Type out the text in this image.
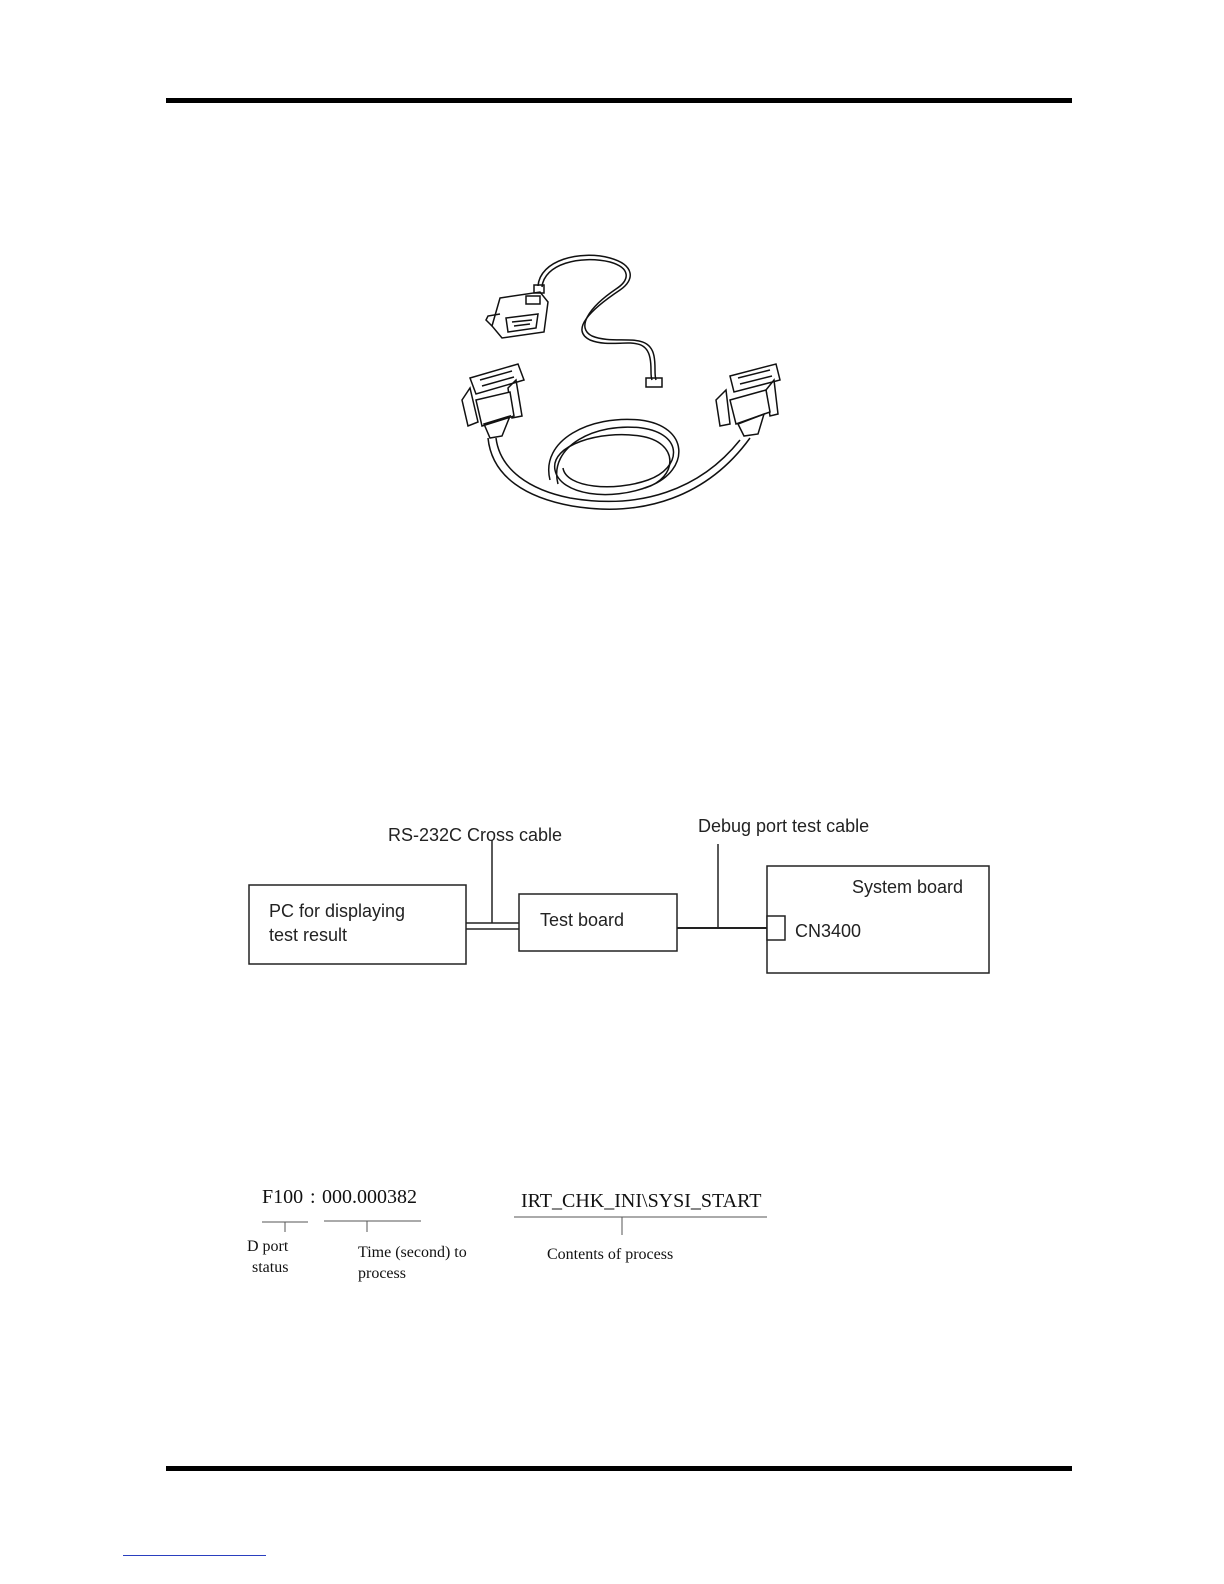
RS-232C Cross cable	Debug port test cable
PC for displaying
test result
Test board
System board
CN3400
F100 : 000.000382	IRT_CHK_INI\SYSI_START
D port
status
Time (second) to
process
Contents of process
